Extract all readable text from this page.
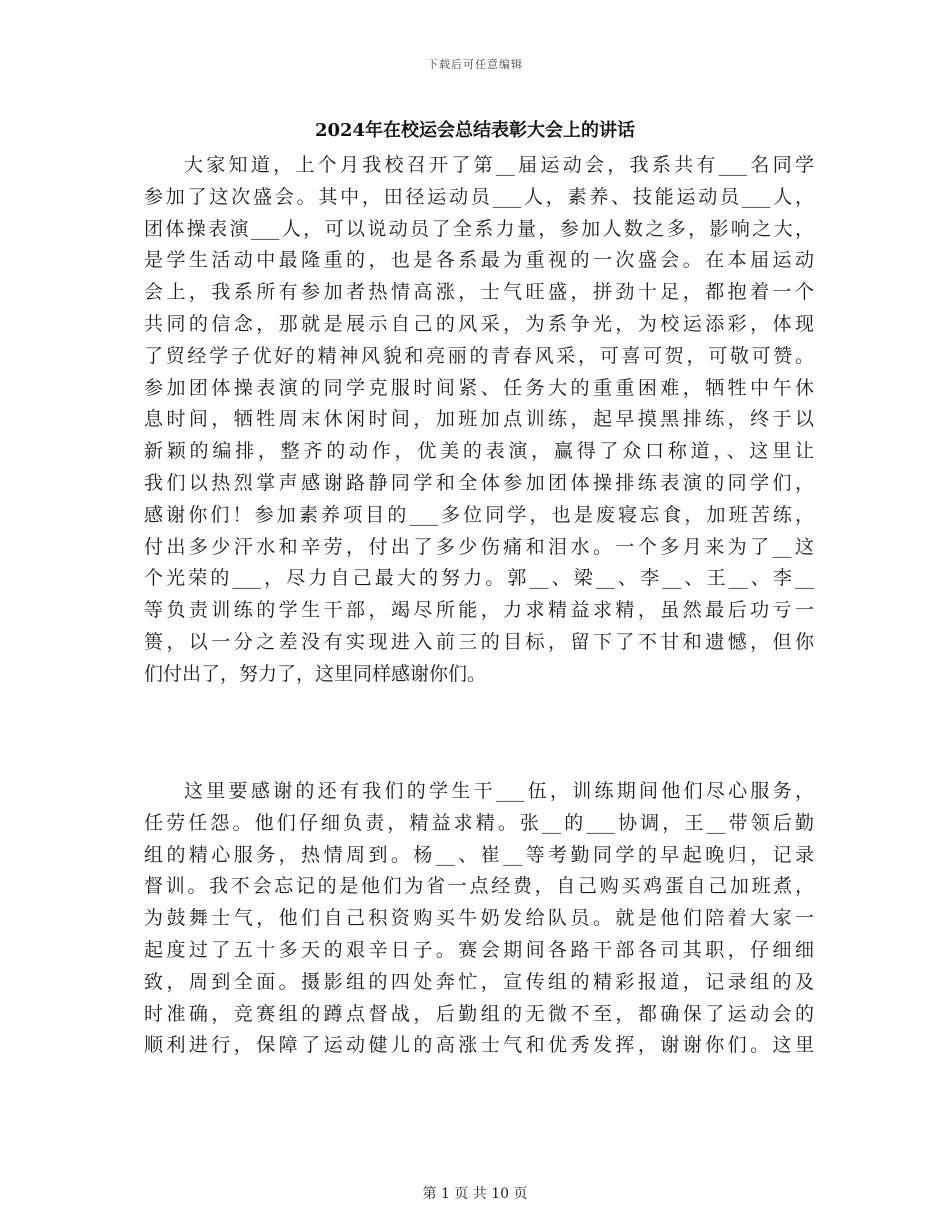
下载后可任意编辑
2024年在校运会总结表彰大会上的讲话
大家知道，上个月我校召开了第__届运动会，我系共有___名同学
参加了这次盛会。其中，田径运动员___人，素养、技能运动员___人，
团体操表演___人，可以说动员了全系力量，参加人数之多，影响之大，
是学生活动中最隆重的，也是各系最为重视的一次盛会。在本届运动
会上，我系所有参加者热情高涨，士气旺盛，拼劲十足，都抱着一个
共同的信念，那就是展示自己的风采，为系争光，为校运添彩，体现
了贸经学子优好的精神风貌和亮丽的青春风采，可喜可贺，可敬可赞。
参加团体操表演的同学克服时间紧、任务大的重重困难，牺牲中午休
息时间，牺牲周末休闲时间，加班加点训练，起早摸黑排练，终于以
新颖的编排，整齐的动作，优美的表演，赢得了众口称道，、这里让
我们以热烈掌声感谢路静同学和全体参加团体操排练表演的同学们，
感谢你们！参加素养项目的___多位同学，也是废寝忘食，加班苦练，
付出多少汗水和辛劳，付出了多少伤痛和泪水。一个多月来为了__这
个光荣的___，尽力自己最大的努力。郭__、梁__、李__、王__、李__
等负责训练的学生干部，竭尽所能，力求精益求精，虽然最后功亏一
篑，以一分之差没有实现进入前三的目标，留下了不甘和遗憾，但你
们付出了，努力了，这里同样感谢你们。
这里要感谢的还有我们的学生干___伍，训练期间他们尽心服务，
任劳任怨。他们仔细负责，精益求精。张__的___协调，王__带领后勤
组的精心服务，热情周到。杨__、崔__等考勤同学的早起晚归，记录
督训。我不会忘记的是他们为省一点经费，自己购买鸡蛋自己加班煮，
为鼓舞士气，他们自己积资购买牛奶发给队员。就是他们陪着大家一
起度过了五十多天的艰辛日子。赛会期间各路干部各司其职，仔细细
致，周到全面。摄影组的四处奔忙，宣传组的精彩报道，记录组的及
时准确，竞赛组的蹲点督战，后勤组的无微不至，都确保了运动会的
顺利进行，保障了运动健儿的高涨士气和优秀发挥，谢谢你们。这里
第 1 页 共 10 页
